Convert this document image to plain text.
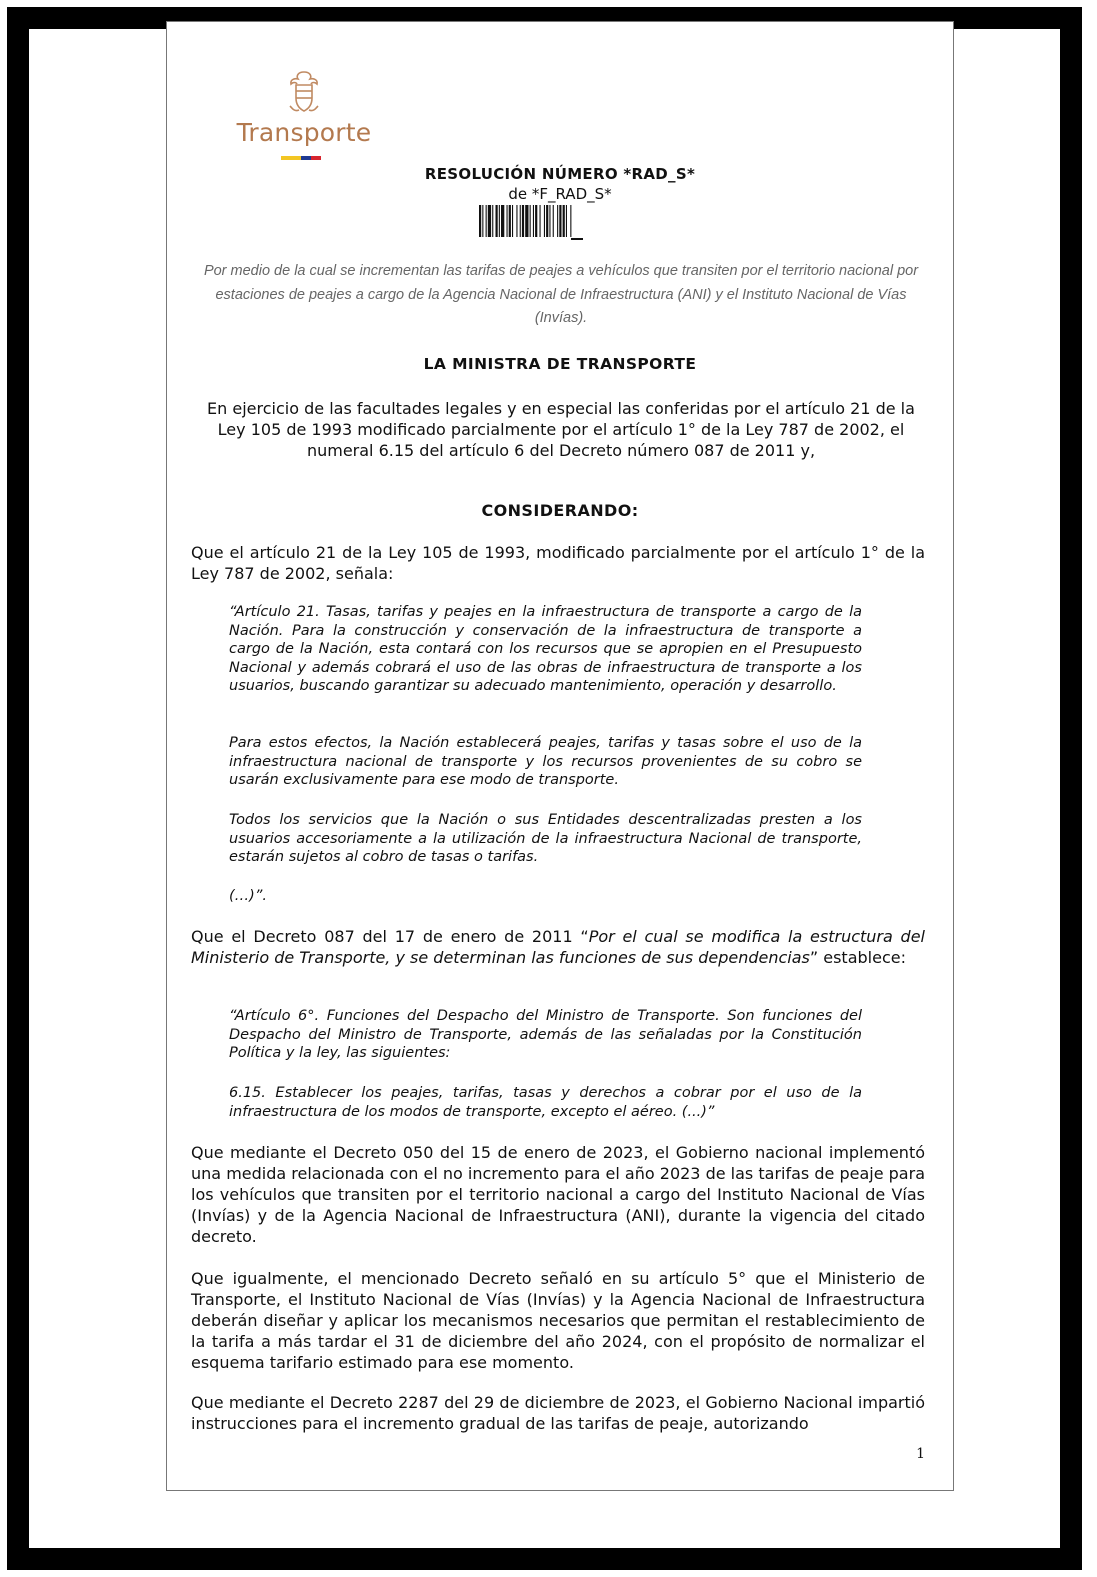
Transporte
RESOLUCIÓN NÚMERO *RAD_S*
de *F_RAD_S*
Por medio de la cual se incrementan las tarifas de peajes a vehículos que transiten por el territorio nacional por estaciones de peajes a cargo de la Agencia Nacional de Infraestructura (ANI) y el Instituto Nacional de Vías (Invías).
LA MINISTRA DE TRANSPORTE
En ejercicio de las facultades legales y en especial las conferidas por el artículo 21 de la Ley 105 de 1993 modificado parcialmente por el artículo 1° de la Ley 787 de 2002, el numeral 6.15 del artículo 6 del Decreto número 087 de 2011 y,
CONSIDERANDO:
Que el artículo 21 de la Ley 105 de 1993, modificado parcialmente por el artículo 1° de la Ley 787 de 2002, señala:
“Artículo 21. Tasas, tarifas y peajes en la infraestructura de transporte a cargo de la Nación. Para la construcción y conservación de la infraestructura de transporte a cargo de la Nación, esta contará con los recursos que se apropien en el Presupuesto Nacional y además cobrará el uso de las obras de infraestructura de transporte a los usuarios, buscando garantizar su adecuado mantenimiento, operación y desarrollo.
Para estos efectos, la Nación establecerá peajes, tarifas y tasas sobre el uso de la infraestructura nacional de transporte y los recursos provenientes de su cobro se usarán exclusivamente para ese modo de transporte.
Todos los servicios que la Nación o sus Entidades descentralizadas presten a los usuarios accesoriamente a la utilización de la infraestructura Nacional de transporte, estarán sujetos al cobro de tasas o tarifas.
(…)”.
Que el Decreto 087 del 17 de enero de 2011 “Por el cual se modifica la estructura del Ministerio de Transporte, y se determinan las funciones de sus dependencias” establece:
“Artículo 6°. Funciones del Despacho del Ministro de Transporte. Son funciones del Despacho del Ministro de Transporte, además de las señaladas por la Constitución Política y la ley, las siguientes:
6.15. Establecer los peajes, tarifas, tasas y derechos a cobrar por el uso de la infraestructura de los modos de transporte, excepto el aéreo. (...)”
Que mediante el Decreto 050 del 15 de enero de 2023, el Gobierno nacional implementó una medida relacionada con el no incremento para el año 2023 de las tarifas de peaje para los vehículos que transiten por el territorio nacional a cargo del Instituto Nacional de Vías (Invías) y de la Agencia Nacional de Infraestructura (ANI), durante la vigencia del citado decreto.
Que igualmente, el mencionado Decreto señaló en su artículo 5° que el Ministerio de Transporte, el Instituto Nacional de Vías (Invías) y la Agencia Nacional de Infraestructura deberán diseñar y aplicar los mecanismos necesarios que permitan el restablecimiento de la tarifa a más tardar el 31 de diciembre del año 2024, con el propósito de normalizar el esquema tarifario estimado para ese momento.
Que mediante el Decreto 2287 del 29 de diciembre de 2023, el Gobierno Nacional impartió instrucciones para el incremento gradual de las tarifas de peaje, autorizando
1
